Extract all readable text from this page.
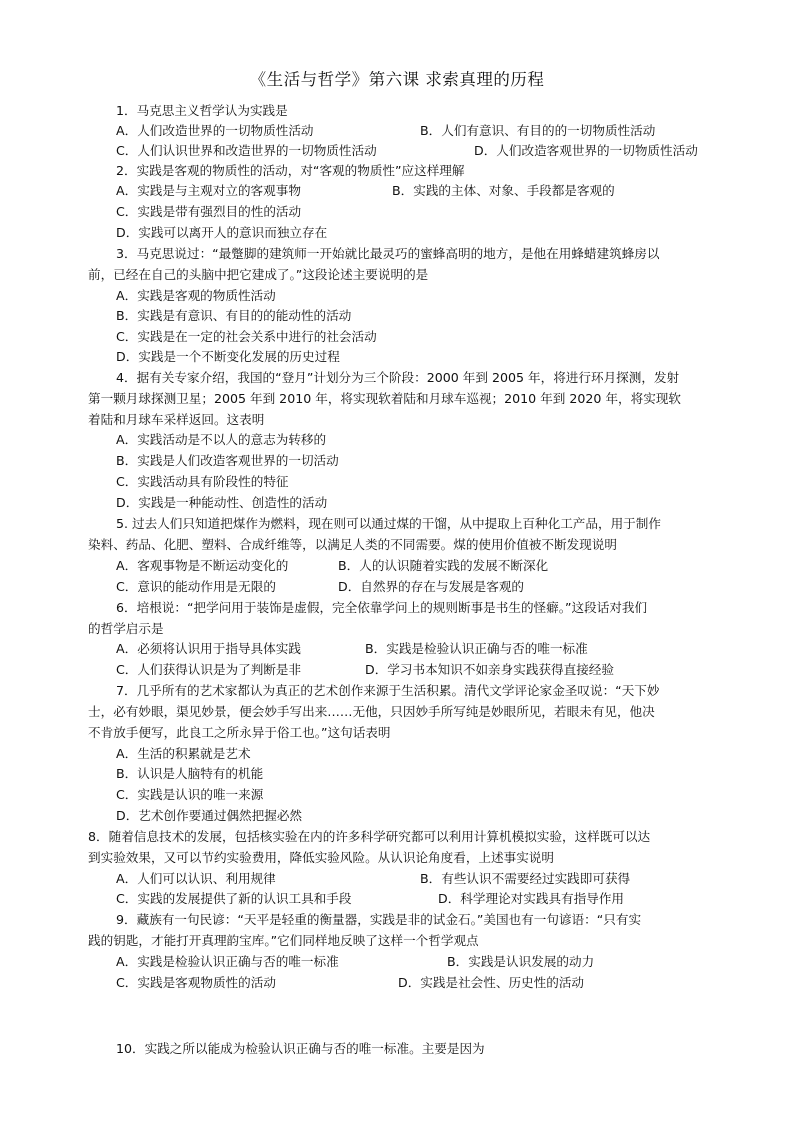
《生活与哲学》第六课 求索真理的历程
1．马克思主义哲学认为实践是
A．人们改造世界的一切物质性活动	B．人们有意识、有目的的一切物质性活动
C．人们认识世界和改造世界的一切物质性活动	D．人们改造客观世界的一切物质性活动
2．实践是客观的物质性的活动，对“客观的物质性”应这样理解
A．实践是与主观对立的客观事物	B．实践的主体、对象、手段都是客观的
C．实践是带有强烈目的性的活动
D．实践可以离开人的意识而独立存在
3．马克思说过：“最蹩脚的建筑师一开始就比最灵巧的蜜蜂高明的地方，是他在用蜂蜡建筑蜂房以
前，已经在自己的头脑中把它建成了。”这段论述主要说明的是
A．实践是客观的物质性活动
B．实践是有意识、有目的的能动性的活动
C．实践是在一定的社会关系中进行的社会活动
D．实践是一个不断变化发展的历史过程
4．据有关专家介绍，我国的“登月”计划分为三个阶段：2000 年到 2005 年，将进行环月探测，发射
第一颗月球探测卫星；2005 年到 2010 年，将实现软着陆和月球车巡视；2010 年到 2020 年，将实现软
着陆和月球车采样返回。这表明
A．实践活动是不以人的意志为转移的
B．实践是人们改造客观世界的一切活动
C．实践活动具有阶段性的特征
D．实践是一种能动性、创造性的活动
5. 过去人们只知道把煤作为燃料，现在则可以通过煤的干馏，从中提取上百种化工产品，用于制作
染料、药品、化肥、塑料、合成纤维等，以满足人类的不同需要。煤的使用价值被不断发现说明
A．客观事物是不断运动变化的	B．人的认识随着实践的发展不断深化
C．意识的能动作用是无限的	D．自然界的存在与发展是客观的
6．培根说：“把学问用于装饰是虚假，完全依靠学问上的规则断事是书生的怪癖。”这段话对我们
的哲学启示是
A．必须将认识用于指导具体实践	B．实践是检验认识正确与否的唯一标准
C．人们获得认识是为了判断是非	D．学习书本知识不如亲身实践获得直接经验
7．几乎所有的艺术家都认为真正的艺术创作来源于生活积累。清代文学评论家金圣叹说：“天下妙
士，必有妙眼，渠见妙景，便会妙手写出来……无他，只因妙手所写纯是妙眼所见，若眼未有见，他决
不肯放手便写，此良工之所永异于俗工也。”这句话表明
A．生活的积累就是艺术
B．认识是人脑特有的机能
C．实践是认识的唯一来源
D．艺术创作要通过偶然把握必然
8．随着信息技术的发展，包括核实验在内的许多科学研究都可以利用计算机模拟实验，这样既可以达
到实验效果，又可以节约实验费用，降低实验风险。从认识论角度看，上述事实说明
A．人们可以认识、利用规律	B．有些认识不需要经过实践即可获得
C．实践的发展提供了新的认识工具和手段	D．科学理论对实践具有指导作用
9．藏族有一句民谚：“天平是轻重的衡量器，实践是非的试金石。”美国也有一句谚语：“只有实
践的钥匙，才能打开真理韵宝库。”它们同样地反映了这样一个哲学观点
A．实践是检验认识正确与否的唯一标准	B．实践是认识发展的动力
C．实践是客观物质性的活动	D．实践是社会性、历史性的活动
10．实践之所以能成为检验认识正确与否的唯一标准。主要是因为
